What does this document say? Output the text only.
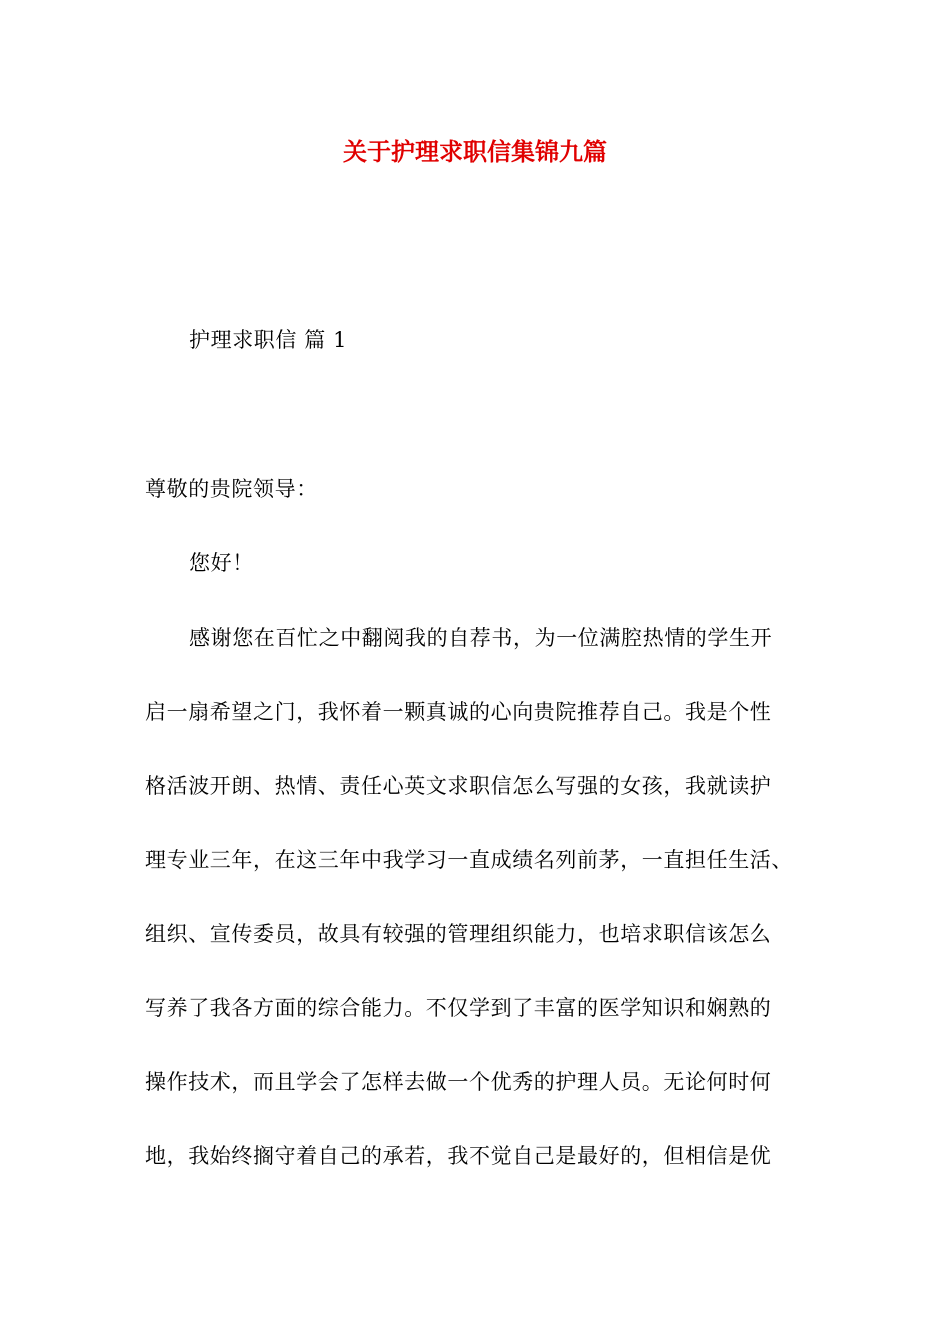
关于护理求职信集锦九篇
护理求职信 篇 1
尊敬的贵院领导：
您好！
感谢您在百忙之中翻阅我的自荐书，为一位满腔热情的学生开
启一扇希望之门，我怀着一颗真诚的心向贵院推荐自己。我是个性
格活波开朗、热情、责任心英文求职信怎么写强的女孩，我就读护
理专业三年，在这三年中我学习一直成绩名列前茅，一直担任生活、
组织、宣传委员，故具有较强的管理组织能力，也培求职信该怎么
写养了我各方面的综合能力。不仅学到了丰富的医学知识和娴熟的
操作技术，而且学会了怎样去做一个优秀的护理人员。无论何时何
地，我始终搁守着自己的承若，我不觉自己是最好的，但相信是优
